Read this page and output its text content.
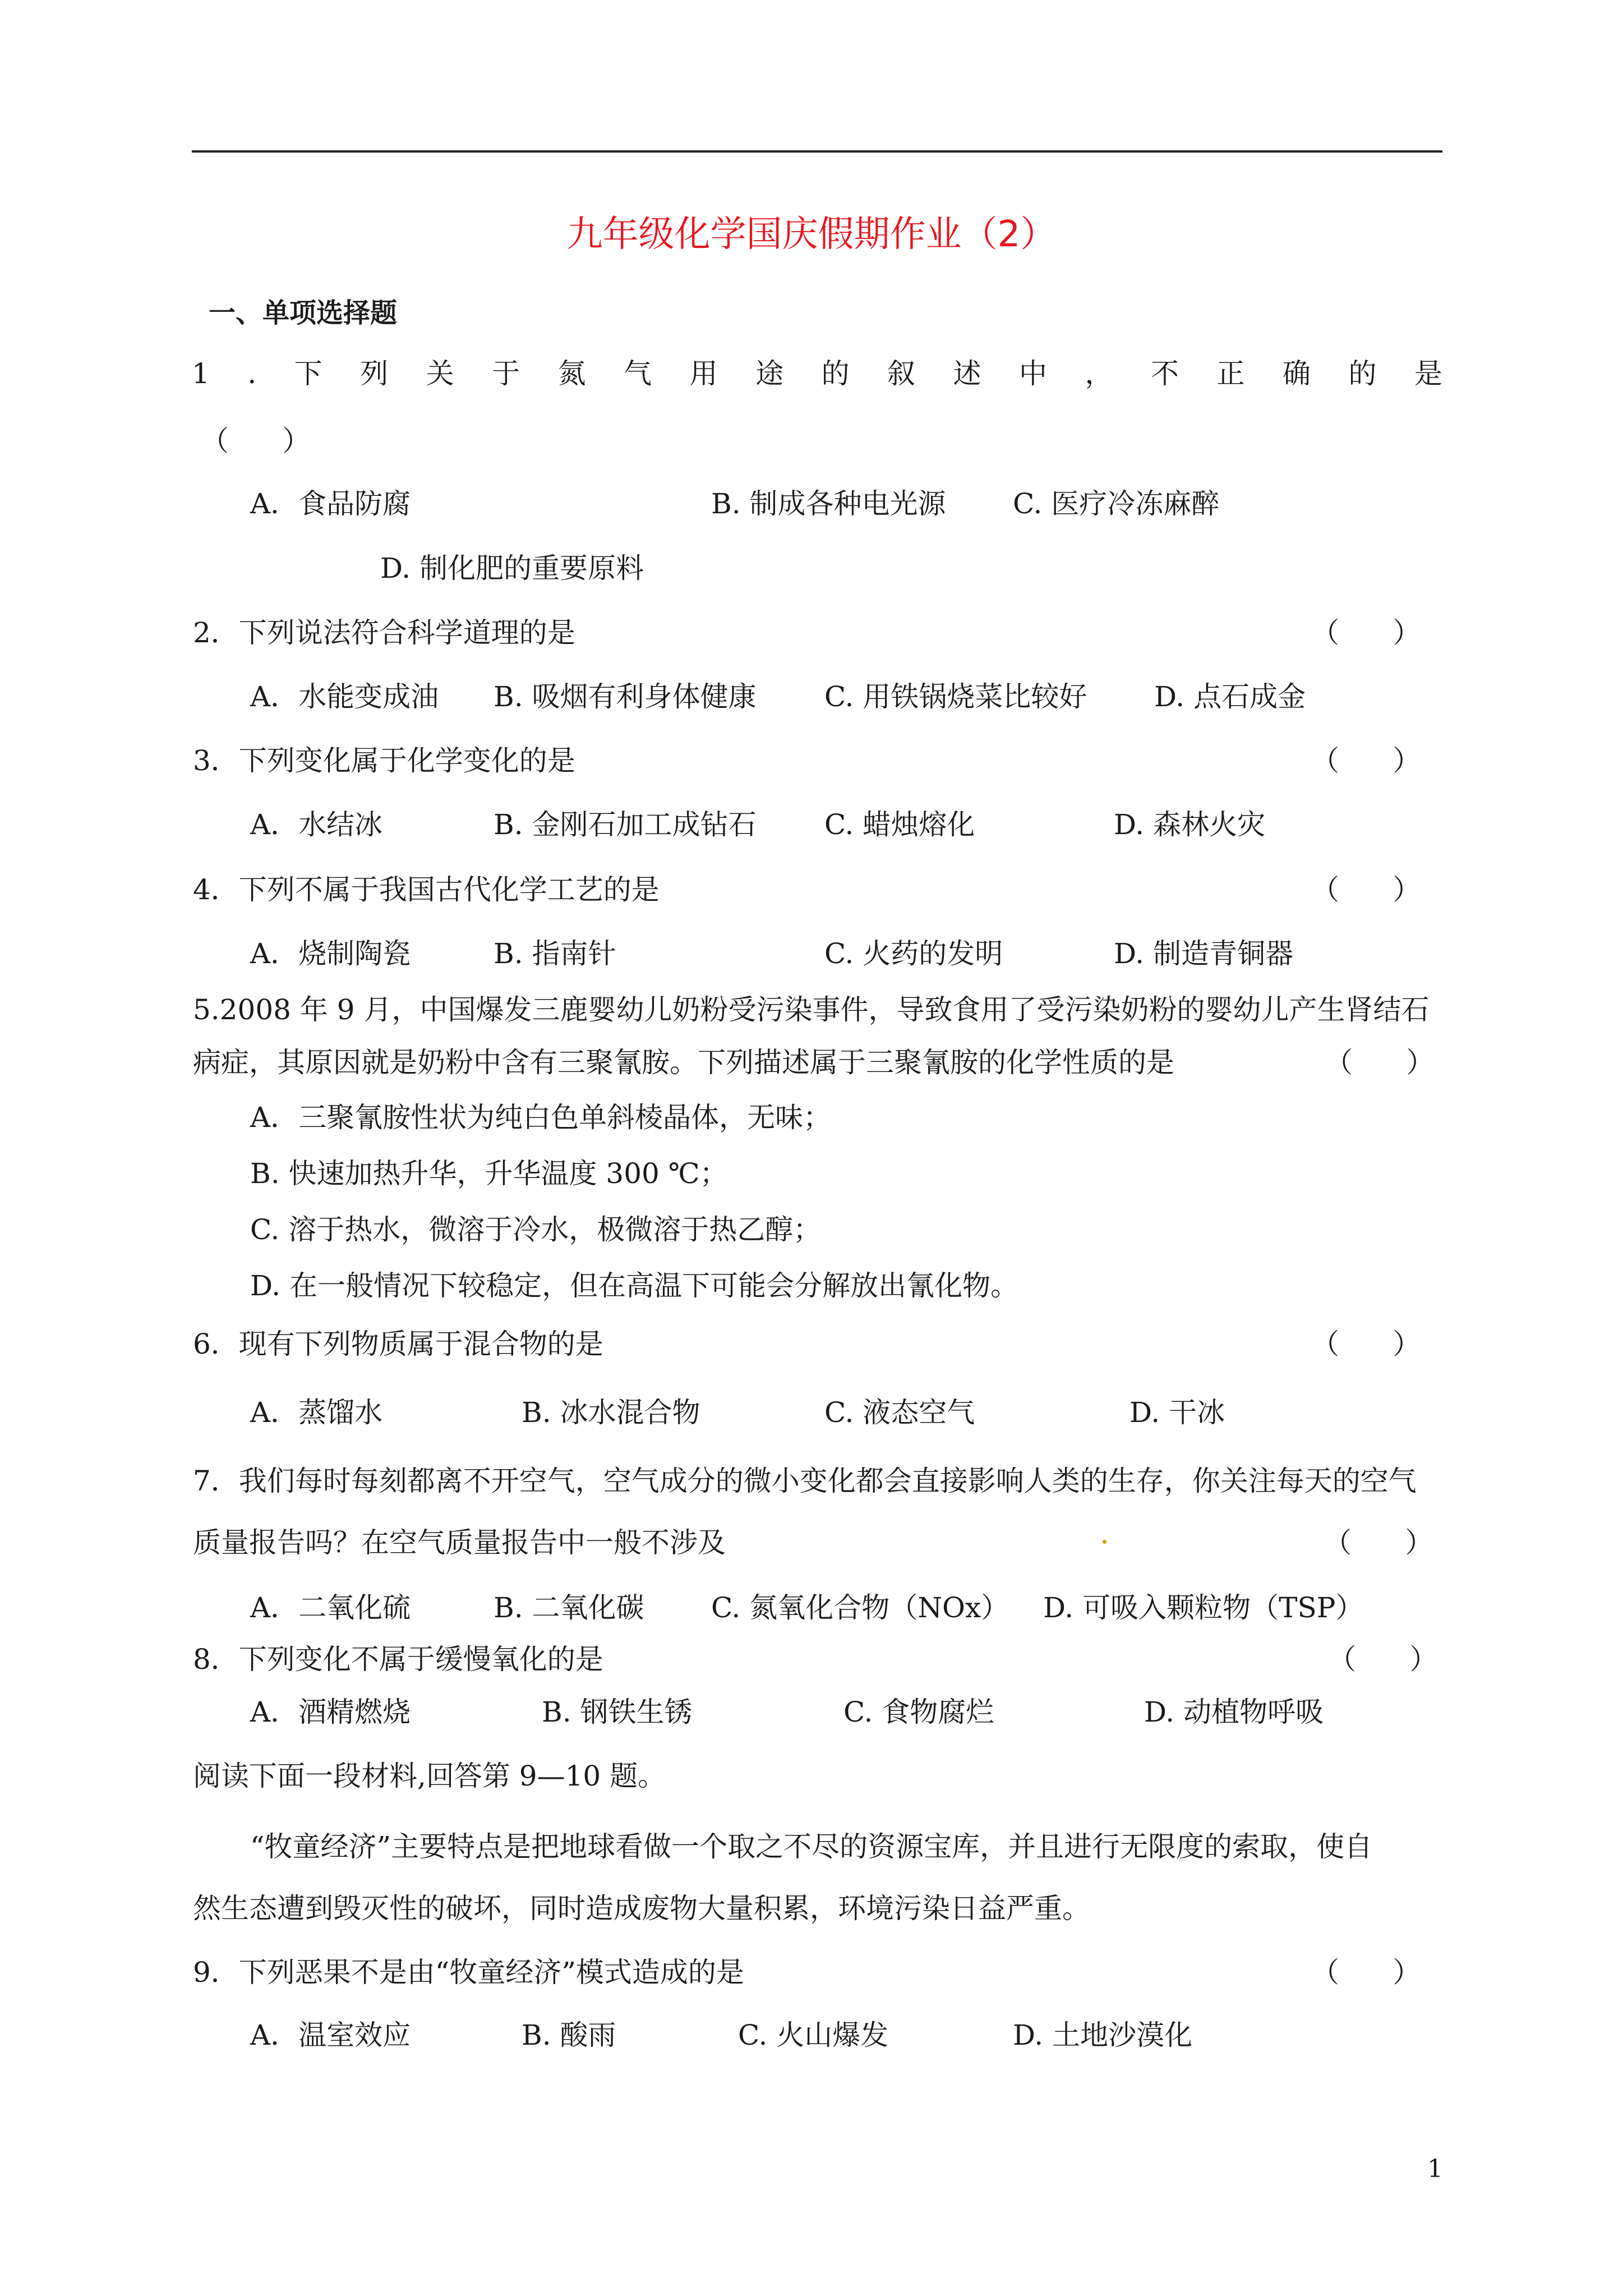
九年级化学国庆假期作业（2）
一、单项选择题
1 . 下 列 关 于 氮 气 用 途 的 叙 述 中 ， 不 正 确 的 是
（      ）
A．食品防腐	B. 制成各种电光源 C. 医疗冷冻麻醉
D. 制化肥的重要原料
2．下列说法符合科学道理的是	（      ）
A．水能变成油 B. 吸烟有利身体健康 C. 用铁锅烧菜比较好 D. 点石成金
3．下列变化属于化学变化的是	（      ）
A．水结冰	B. 金刚石加工成钻石 C. 蜡烛熔化	D. 森林火灾
4．下列不属于我国古代化学工艺的是	（      ）
A．烧制陶瓷	B. 指南针	C. 火药的发明	D. 制造青铜器
5.2008 年 9 月，中国爆发三鹿婴幼儿奶粉受污染事件，导致食用了受污染奶粉的婴幼儿产生肾结石
病症，其原因就是奶粉中含有三聚氰胺。下列描述属于三聚氰胺的化学性质的是	（      ）
A．三聚氰胺性状为纯白色单斜棱晶体，无味；
B. 快速加热升华，升华温度 300 ℃；
C. 溶于热水，微溶于冷水，极微溶于热乙醇；
D. 在一般情况下较稳定，但在高温下可能会分解放出氰化物。
6．现有下列物质属于混合物的是	（      ）
A．蒸馏水	B. 冰水混合物	C. 液态空气	D. 干冰
7．我们每时每刻都离不开空气，空气成分的微小变化都会直接影响人类的生存，你关注每天的空气
质量报告吗？在空气质量报告中一般不涉及	（      ）
A．二氧化硫	B. 二氧化碳 C. 氮氧化合物（NOx） D. 可吸入颗粒物（TSP）
8．下列变化不属于缓慢氧化的是	（      ）
A．酒精燃烧	B. 钢铁生锈	C. 食物腐烂	D. 动植物呼吸
阅读下面一段材料,回答第 9—10 题。
“牧童经济”主要特点是把地球看做一个取之不尽的资源宝库，并且进行无限度的索取，使自
然生态遭到毁灭性的破坏，同时造成废物大量积累，环境污染日益严重。
9．下列恶果不是由“牧童经济”模式造成的是	（      ）
A．温室效应	B. 酸雨	C. 火山爆发	D. 土地沙漠化
1
